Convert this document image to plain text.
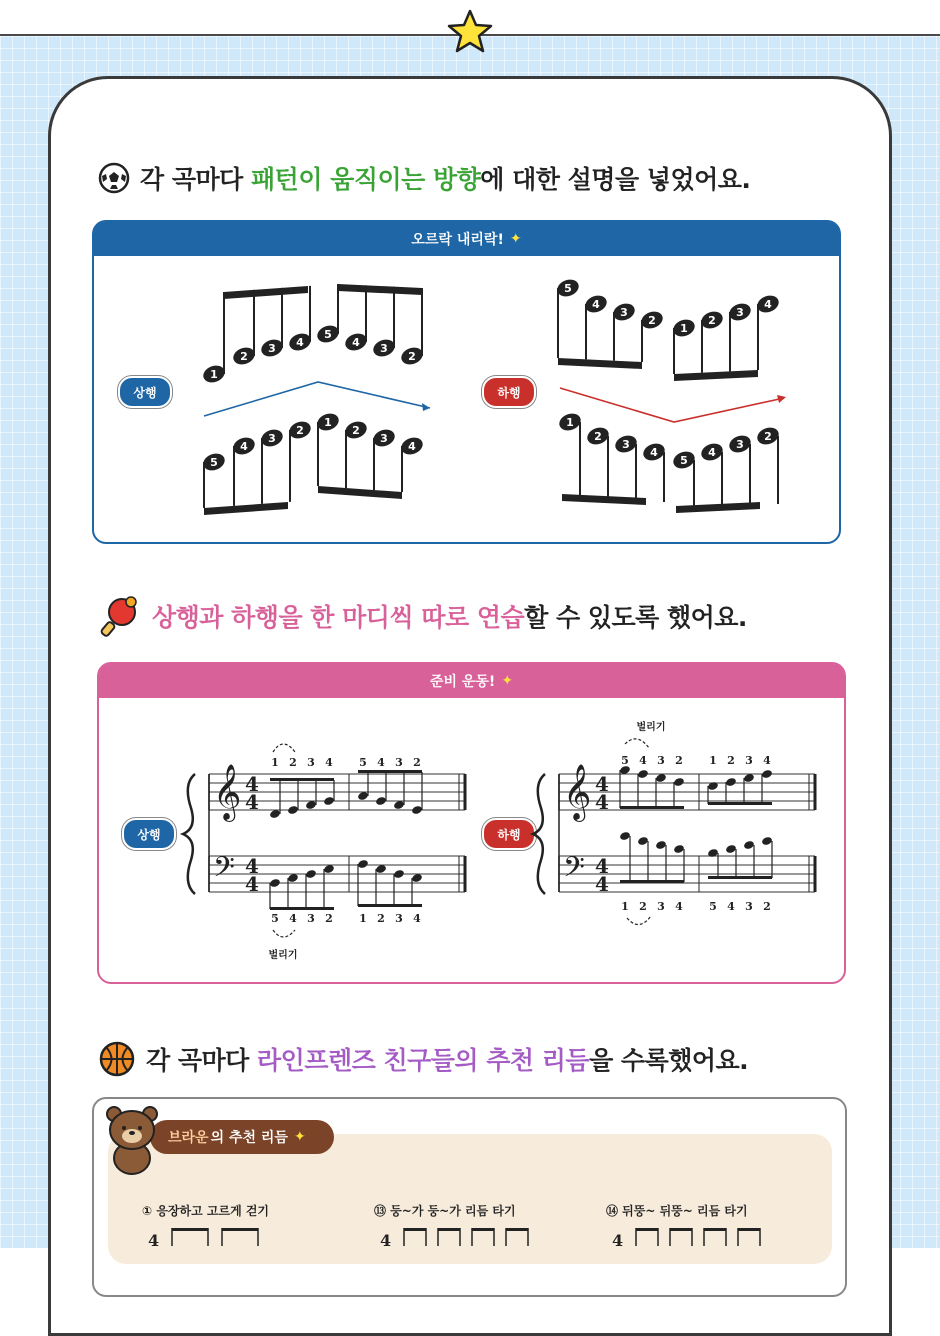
각 곡마다 패턴이 움직이는 방향에 대한 설명을 넣었어요.
오르락 내리락! ✦
상행	하행
1
2
3 4
5
4 3
2
5
4
3
2
1
2
3
4
5
4
3
2
1
2
3
4
1
2
3
4
5
4
3
2
상행과 하행을 한 마디씩 따로 연습할 수 있도록 했어요.
준비 운동! ✦
상행	하행
𝄞 4
4
𝄢 4
4
1
5
2
4
3
3
4
2
5
1
4
2
3
3
2
4
𝄞 4
4
𝄢 4
4
5
1
4
2
3
3
2
4
1
5
2
4
3
3
4
2
벌리기
벌리기
각 곡마다 라인프렌즈 친구들의 추천 리듬을 수록했어요.
브라운 의 추천 리듬 ✦
① 응장하고 고르게 걷기	⑬ 둥~가 둥~가 리듬 타기	⑭ 뒤뚱~ 뒤뚱~ 리듬 타기
4	4	4
